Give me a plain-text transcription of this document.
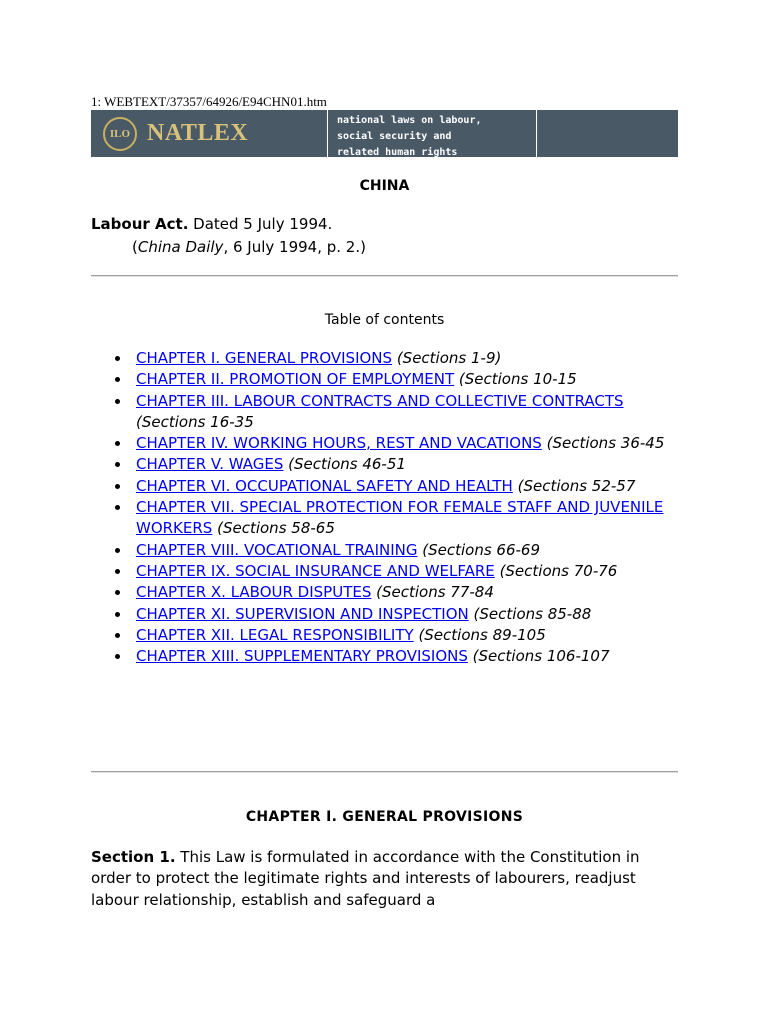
1: WEBTEXT/37357/64926/E94CHN01.htm
ILO NATLEX	national laws on labour,
social security and
related human rights
CHINA
Labour Act. Dated 5 July 1994.
(China Daily, 6 July 1994, p. 2.)
Table of contents
CHAPTER I. GENERAL PROVISIONS (Sections 1-9)
CHAPTER II. PROMOTION OF EMPLOYMENT (Sections 10-15
CHAPTER III. LABOUR CONTRACTS AND COLLECTIVE CONTRACTS (Sections 16-35
CHAPTER IV. WORKING HOURS, REST AND VACATIONS (Sections 36-45
CHAPTER V. WAGES (Sections 46-51
CHAPTER VI. OCCUPATIONAL SAFETY AND HEALTH (Sections 52-57
CHAPTER VII. SPECIAL PROTECTION FOR FEMALE STAFF AND JUVENILE WORKERS (Sections 58-65
CHAPTER VIII. VOCATIONAL TRAINING (Sections 66-69
CHAPTER IX. SOCIAL INSURANCE AND WELFARE (Sections 70-76
CHAPTER X. LABOUR DISPUTES (Sections 77-84
CHAPTER XI. SUPERVISION AND INSPECTION (Sections 85-88
CHAPTER XII. LEGAL RESPONSIBILITY (Sections 89-105
CHAPTER XIII. SUPPLEMENTARY PROVISIONS (Sections 106-107
CHAPTER I. GENERAL PROVISIONS

Section 1. This Law is formulated in accordance with the Constitution in order to protect the legitimate rights and interests of labourers, readjust labour relationship, establish and safeguard a
